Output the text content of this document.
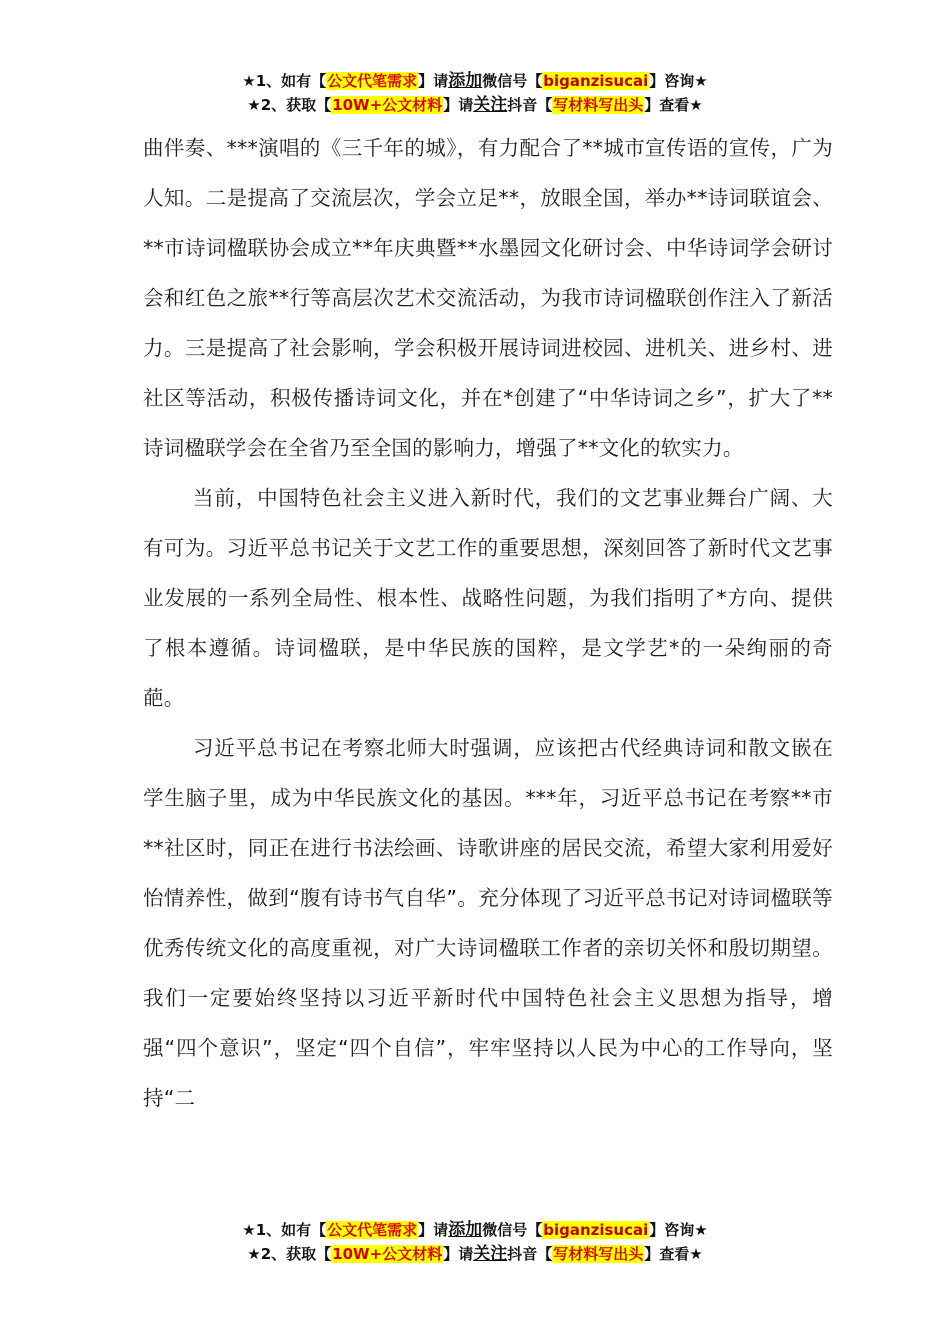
★1、如有【公文代笔需求】请添加微信号【biganzisucai】咨询★
★2、获取【10W+公文材料】请关注抖音【写材料写出头】查看★

曲伴奏、***演唱的《三千年的城》，有力配合了**城市宣传语的宣传，广为人知。二是提高了交流层次，学会立足**，放眼全国，举办**诗词联谊会、**市诗词楹联协会成立**年庆典暨**水墨园文化研讨会、中华诗词学会研讨会和红色之旅**行等高层次艺术交流活动，为我市诗词楹联创作注入了新活力。三是提高了社会影响，学会积极开展诗词进校园、进机关、进乡村、进社区等活动，积极传播诗词文化，并在*创建了“中华诗词之乡”，扩大了**诗词楹联学会在全省乃至全国的影响力，增强了**文化的软实力。

当前，中国特色社会主义进入新时代，我们的文艺事业舞台广阔、大有可为。习近平总书记关于文艺工作的重要思想，深刻回答了新时代文艺事业发展的一系列全局性、根本性、战略性问题，为我们指明了*方向、提供了根本遵循。诗词楹联，是中华民族的国粹，是文学艺*的一朵绚丽的奇葩。

习近平总书记在考察北师大时强调，应该把古代经典诗词和散文嵌在学生脑子里，成为中华民族文化的基因。***年，习近平总书记在考察**市**社区时，同正在进行书法绘画、诗歌讲座的居民交流，希望大家利用爱好怡情养性，做到“腹有诗书气自华”。充分体现了习近平总书记对诗词楹联等优秀传统文化的高度重视，对广大诗词楹联工作者的亲切关怀和殷切期望。我们一定要始终坚持以习近平新时代中国特色社会主义思想为指导，增强“四个意识”，坚定“四个自信”，牢牢坚持以人民为中心的工作导向，坚持“二

★1、如有【公文代笔需求】请添加微信号【biganzisucai】咨询★
★2、获取【10W+公文材料】请关注抖音【写材料写出头】查看★
